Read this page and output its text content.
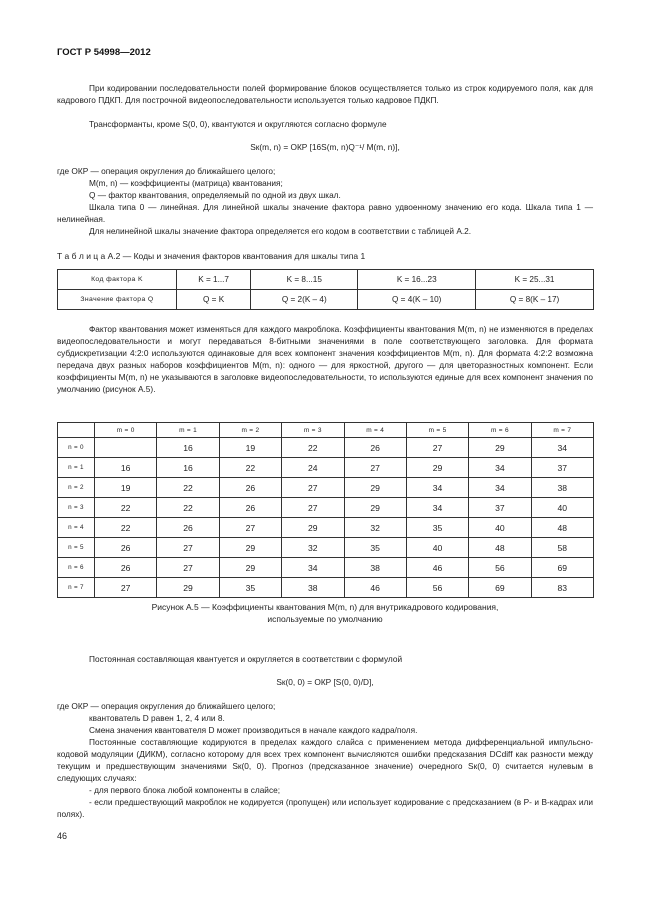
ГОСТ Р 54998—2012

При кодировании последовательности полей формирование блоков осуществляется только из строк кодируемого поля, как для кадрового ПДКП. Для построчной видеопоследовательности используется только кадровое ПДКП.

Трансформанты, кроме S(0, 0), квантуются и округляются согласно формуле

Sк(m, n) = ОКР [16S(m, n)Q⁻¹/ M(m, n)],

где ОКР — операция округления до ближайшего целого;

M(m, n) — коэффициенты (матрица) квантования;

Q — фактор квантования, определяемый по одной из двух шкал.

Шкала типа 0 — линейная. Для линейной шкалы значение фактора равно удвоенному значению его кода. Шкала типа 1 — нелинейная.

Для нелинейной шкалы значение фактора определяется его кодом в соответствии с таблицей А.2.

Т а б л и ц а А.2 — Коды и значения факторов квантования для шкалы типа 1
Код фактора K	K = 1...7	K = 8...15	K = 16...23	K = 25...31
Значение фактора Q	Q = K	Q = 2(K – 4)	Q = 4(K – 10)	Q = 8(K – 17)

Фактор квантования может изменяться для каждого макроблока. Коэффициенты квантования M(m, n) не изменяются в пределах видеопоследовательности и могут передаваться 8-битными значениями в поле соответствующего заголовка. Для формата субдискретизации 4:2:0 используются одинаковые для всех компонент значения коэффициентов M(m, n). Для формата 4:2:2 возможна передача двух разных наборов коэффициентов M(m, n): одного — для яркостной, другого — для цветоразностных компонент. Если коэффициенты M(m, n) не указываются в заголовке видеопоследовательности, то используются единые для всех компонент значения по умолчанию (рисунок А.5).

	m = 0	m = 1	m = 2	m = 3	m = 4	m = 5	m = 6	m = 7
n = 0		16	19	22	26	27	29	34
n = 1	16	16	22	24	27	29	34	37
n = 2	19	22	26	27	29	34	34	38
n = 3	22	22	26	27	29	34	37	40
n = 4	22	26	27	29	32	35	40	48
n = 5	26	27	29	32	35	40	48	58
n = 6	26	27	29	34	38	46	56	69
n = 7	27	29	35	38	46	56	69	83
Рисунок А.5 — Коэффициенты квантования M(m, n) для внутрикадрового кодирования,
используемые по умолчанию

Постоянная составляющая квантуется и округляется в соответствии с формулой

Sк(0, 0) = ОКР [S(0, 0)/D],

где ОКР — операция округления до ближайшего целого;

квантователь D равен 1, 2, 4 или 8.

Смена значения квантователя D может производиться в начале каждого кадра/поля.

Постоянные составляющие кодируются в пределах каждого слайса с применением метода дифференциальной импульсно-кодовой модуляции (ДИКМ), согласно которому для всех трех компонент вычисляются ошибки предсказания DCdiff как разности между текущим и предшествующим значениями Sк(0, 0). Прогноз (предсказанное значение) очередного Sк(0, 0) считается нулевым в следующих случаях:

- для первого блока любой компоненты в слайсе;

- если предшествующий макроблок не кодируется (пропущен) или использует кодирование с предсказанием (в P- и B-кадрах или полях).

46
